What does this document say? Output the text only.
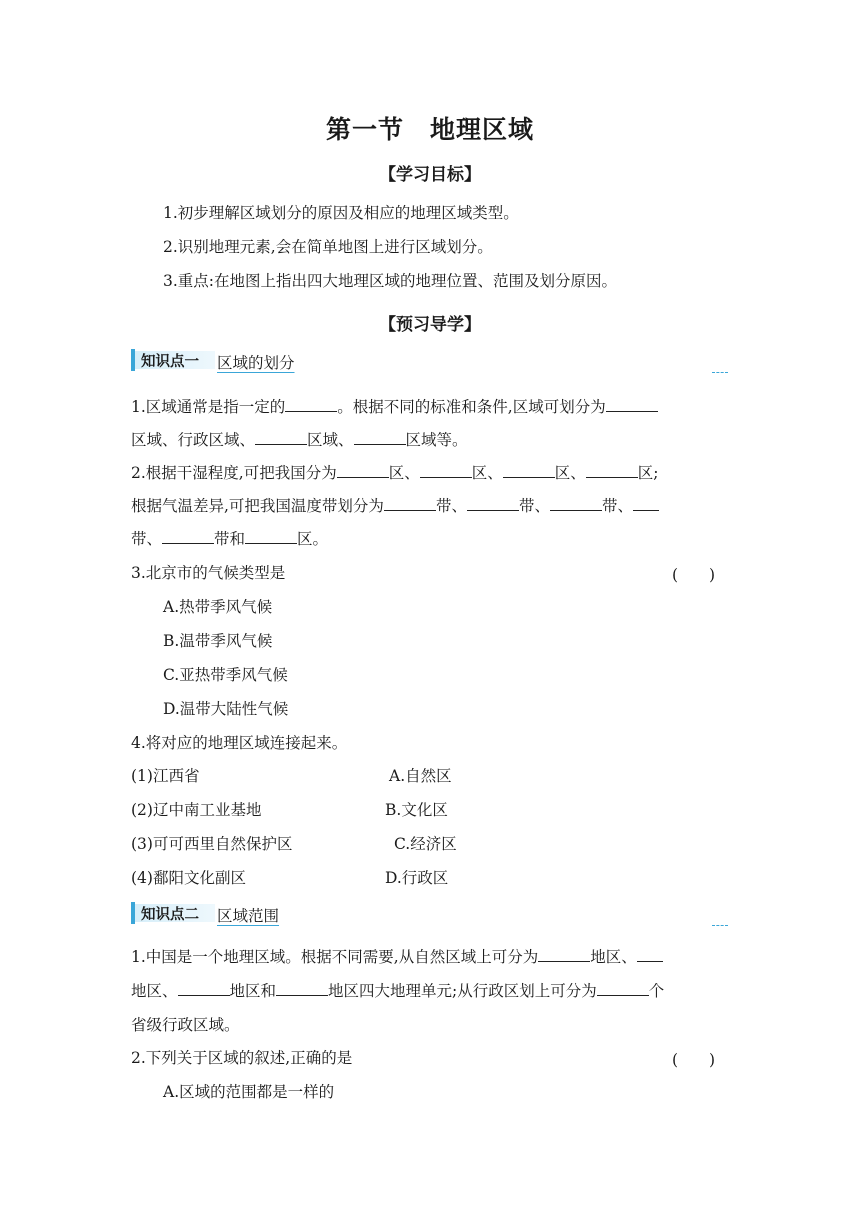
第一节 地理区域
【学习目标】
1.初步理解区域划分的原因及相应的地理区域类型。
2.识别地理元素,会在简单地图上进行区域划分。
3.重点:在地图上指出四大地理区域的地理位置、范围及划分原因。
【预习导学】
知识点一 区域的划分
1.区域通常是指一定的	。根据不同的标准和条件,区域可划分为
区域、行政区域、	区域、	区域等。
2.根据干湿程度,可把我国分为	区、	区、	区、	区;
根据气温差异,可把我国温度带划分为	带、	带、	带、
带、	带和	区。
3.北京市的气候类型是	(　　)
A.热带季风气候
B.温带季风气候
C.亚热带季风气候
D.温带大陆性气候
4.将对应的地理区域连接起来。
(1)江西省	A.自然区
(2)辽中南工业基地	B.文化区
(3)可可西里自然保护区	C.经济区
(4)鄱阳文化副区	D.行政区
知识点二 区域范围
1.中国是一个地理区域。根据不同需要,从自然区域上可分为	地区、
地区、	地区和	地区四大地理单元;从行政区划上可分为	个
省级行政区域。
2.下列关于区域的叙述,正确的是	(　　)
A.区域的范围都是一样的
